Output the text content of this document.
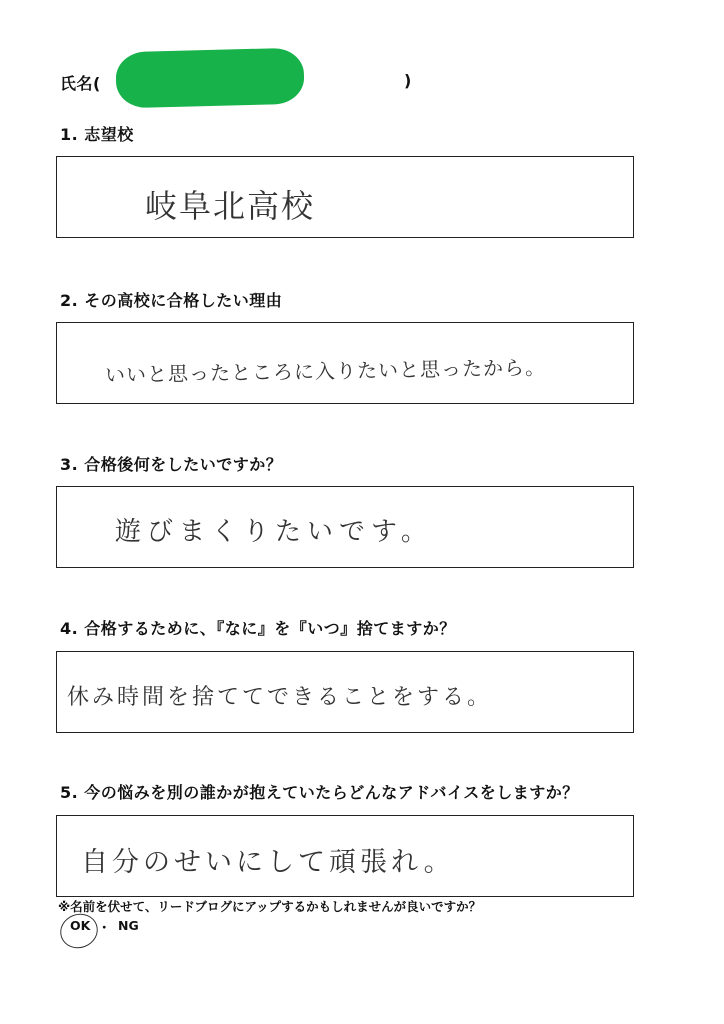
氏名(	)
1. 志望校
岐阜北高校
2. その高校に合格したい理由
いいと思ったところに入りたいと思ったから。
3. 合格後何をしたいですか？
遊びまくりたいです。
4. 合格するために、『なに』を『いつ』捨てますか？
休み時間を捨ててできることをする。
5. 今の悩みを別の誰かが抱えていたらどんなアドバイスをしますか？
自分のせいにして頑張れ。
※名前を伏せて、リードブログにアップするかもしれませんが良いですか？
OK ・ NG
